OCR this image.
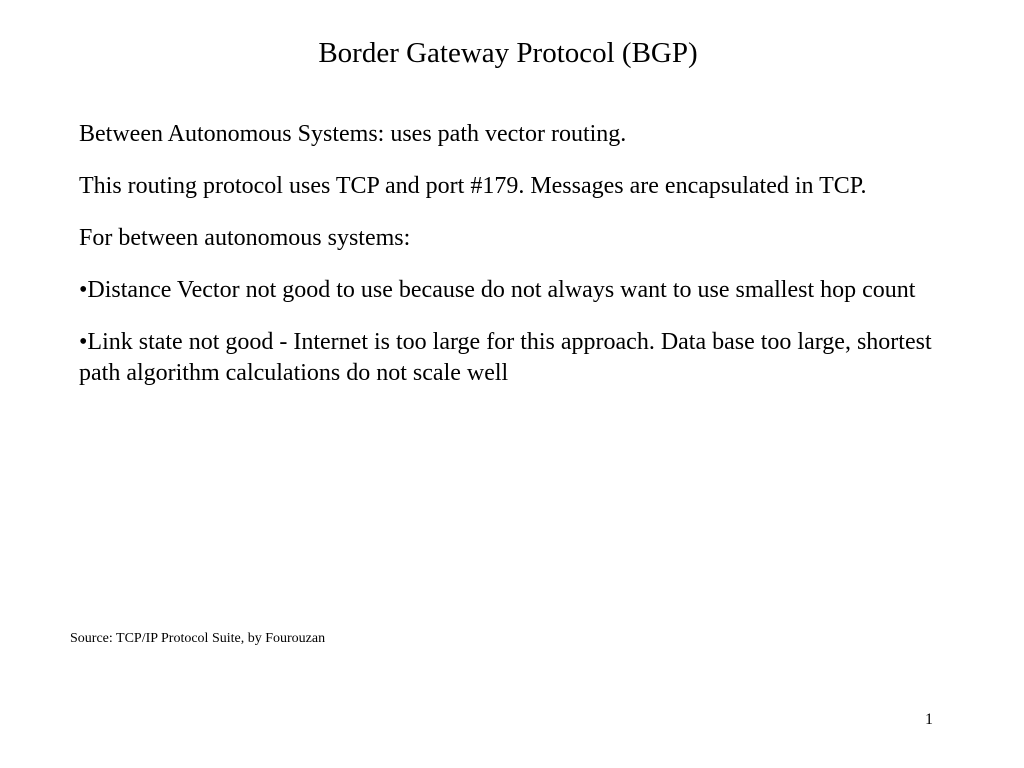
Border Gateway Protocol (BGP)

Between Autonomous Systems: uses path vector routing.

This routing protocol uses TCP and port #179. Messages are encapsulated in TCP.

For between autonomous systems:

•Distance Vector not good to use because do not always want to use smallest hop count

•Link state not good - Internet is too large for this approach. Data base too large, shortest path algorithm calculations do not scale well

Source: TCP/IP Protocol Suite, by Fourouzan
1
